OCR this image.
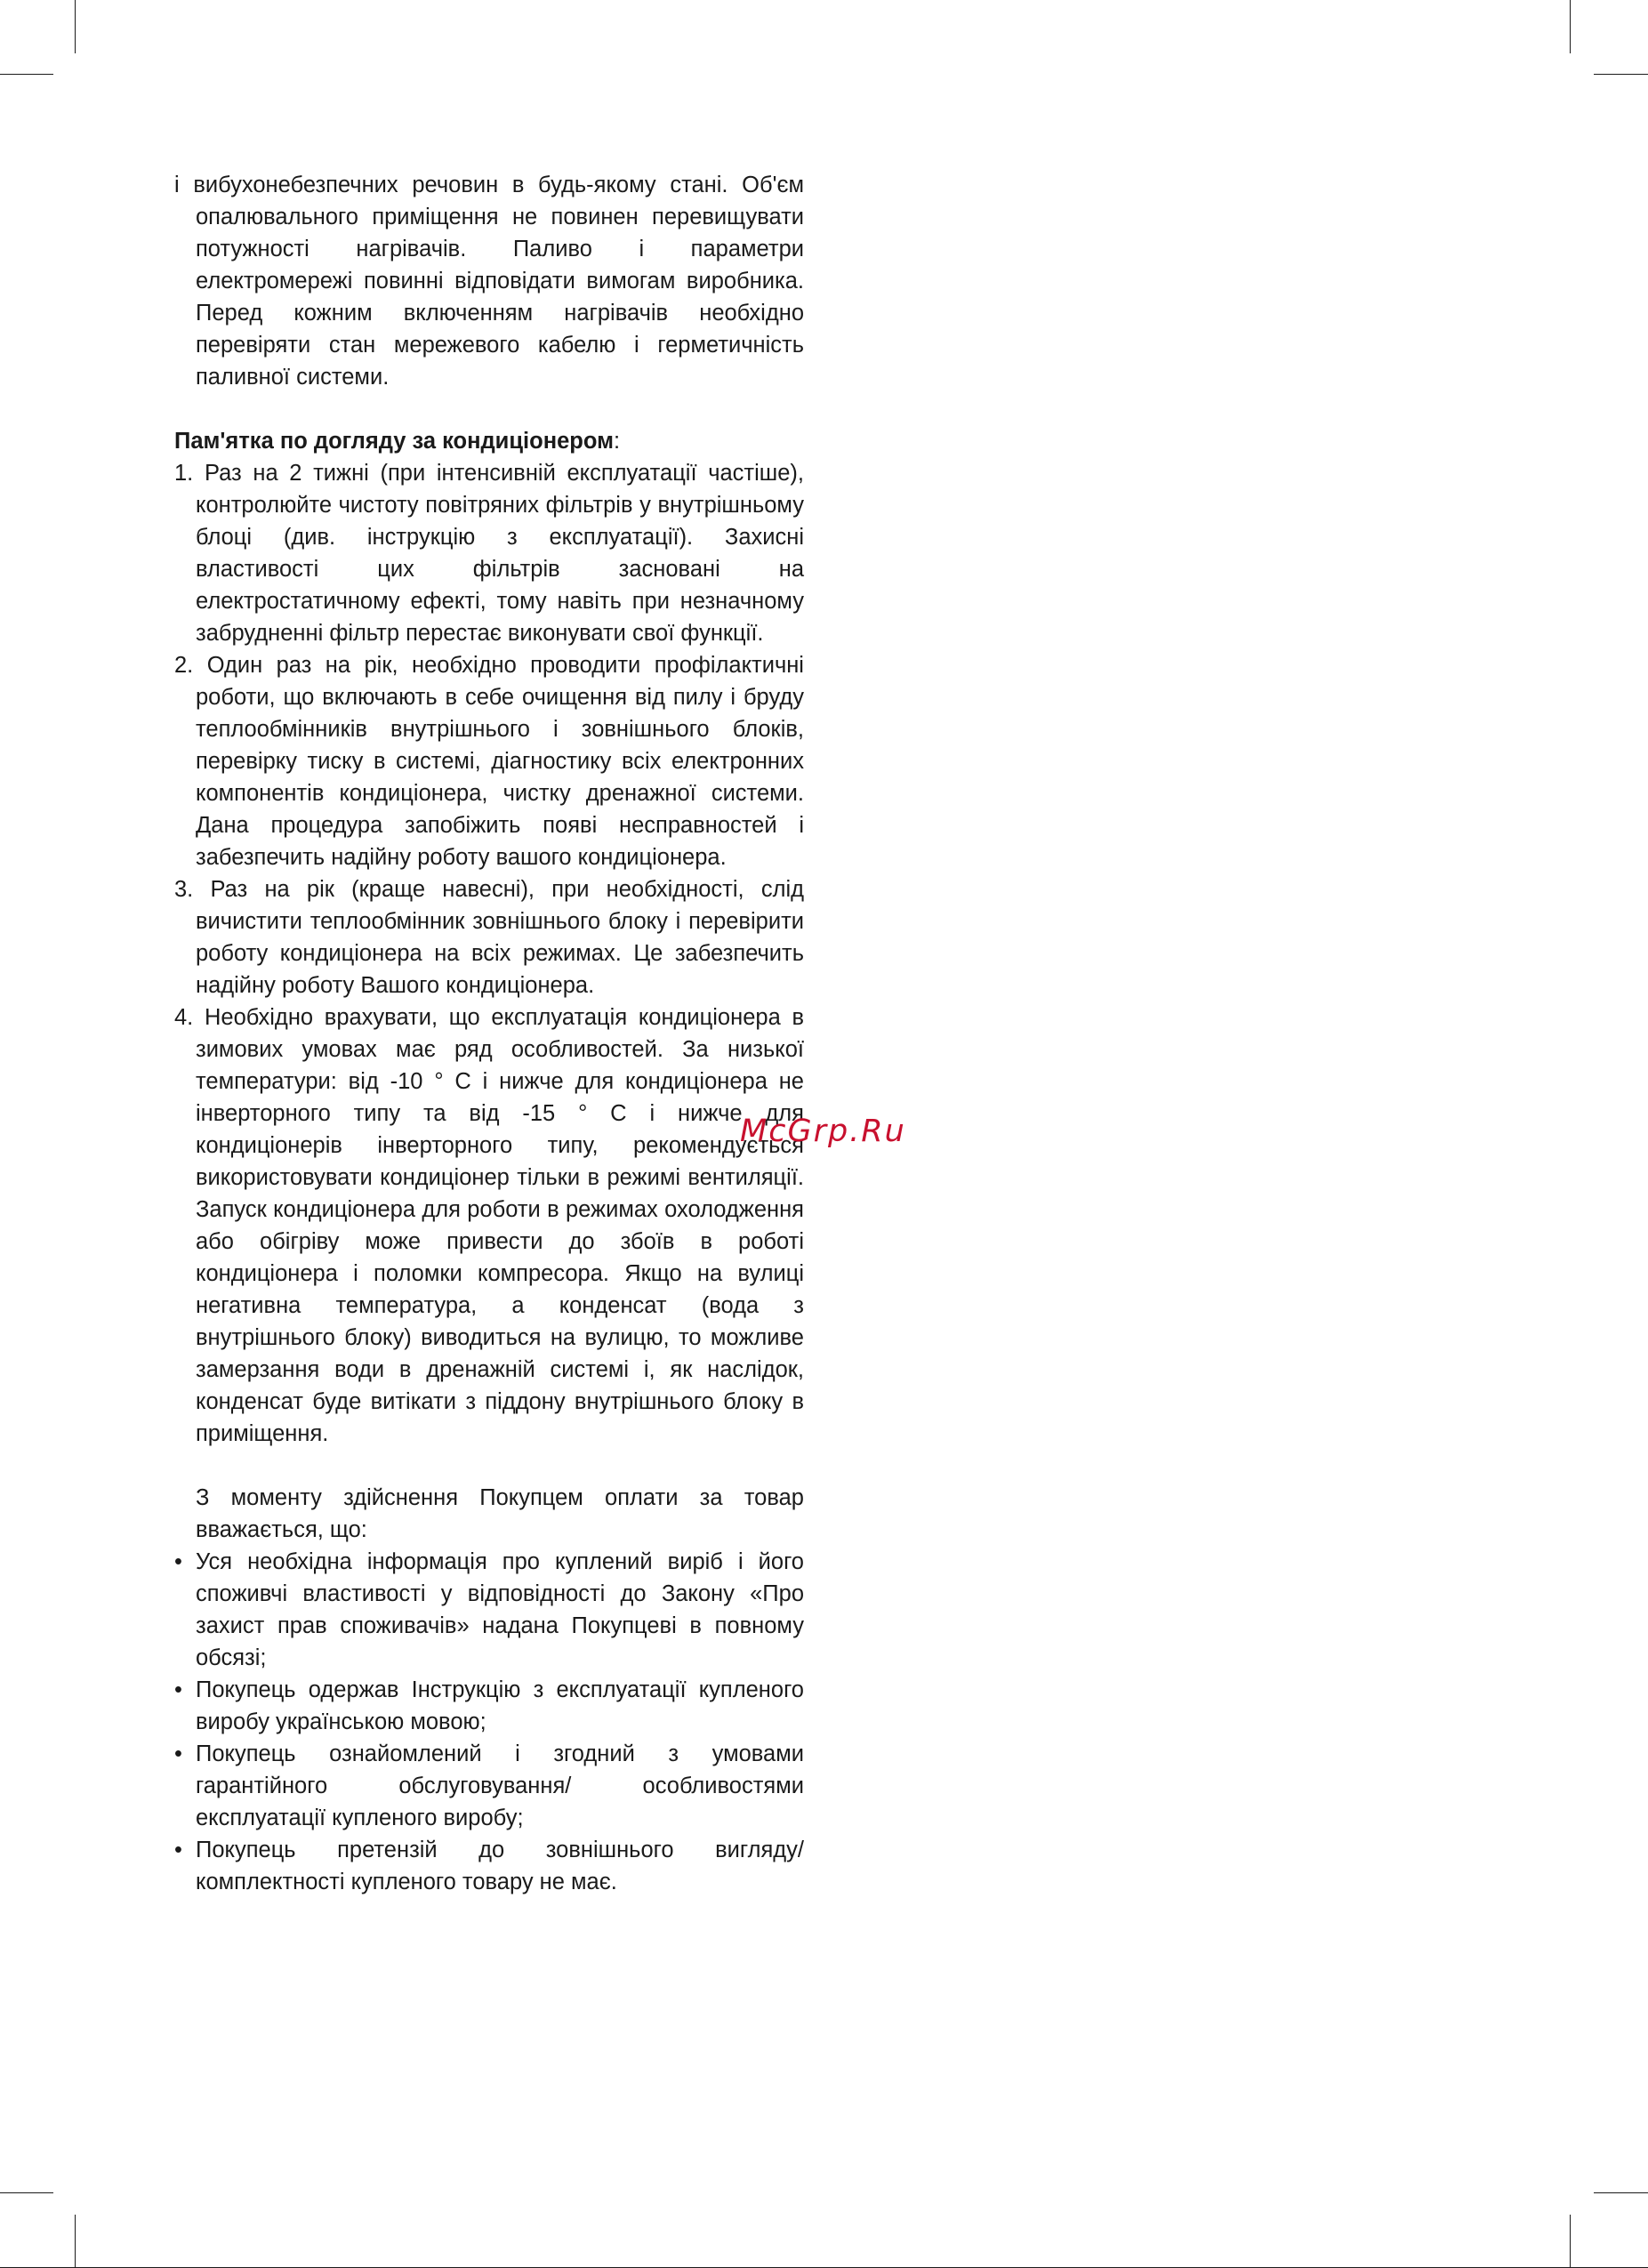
і вибухонебезпечних речовин в будь-якому стані. Об'єм опалювального приміщення не повинен перевищувати потужності нагрівачів. Паливо і параметри електромережі повинні відповідати вимогам виробника. Перед кожним включенням нагрівачів необхідно перевіряти стан мережевого кабелю і герметичність паливної системи.

Пам'ятка по догляду за кондиціонером:

1. Раз на 2 тижні (при інтенсивній експлуатації частіше), контролюйте чистоту повітряних фільтрів у внутрішньому блоці (див. інструкцію з експлуатації). Захисні властивості цих фільтрів засновані на електростатичному ефекті, тому навіть при незначному забрудненні фільтр перестає виконувати свої функції.
2. Один раз на рік, необхідно проводити профілактичні роботи, що включають в себе очищення від пилу і бруду теплообмінників внутрішнього і зовнішнього блоків, перевірку тиску в системі, діагностику всіх електронних компонентів кондиціонера, чистку дренажної системи. Дана процедура запобіжить появі несправностей і забезпечить надійну роботу вашого кондиціонера.
3. Раз на рік (краще навесні), при необхідності, слід вичистити теплообмінник зовнішнього блоку і перевірити роботу кондиціонера на всіх режимах. Це забезпечить надійну роботу Вашого кондиціонера.
4. Необхідно врахувати, що експлуатація кондиціонера в зимових умовах має ряд особливостей. За низької температури: від -10 ° С і нижче для кондиціонера не інверторного типу та від -15 ° С і нижче для кондиціонерів інверторного типу, рекомендується використовувати кондиціонер тільки в режимі вентиляції. Запуск кондиціонера для роботи в режимах охолодження або обігріву може привести до збоїв в роботі кондиціонера і поломки компресора. Якщо на вулиці негативна температура, а конденсат (вода з внутрішнього блоку) виводиться на вулицю, то можливе замерзання води в дренажній системі і, як наслідок, конденсат буде витікати з піддону внутрішнього блоку в приміщення.

З моменту здійснення Покупцем оплати за товар вважається, що:

• Уся необхідна інформація про куплений виріб і його споживчі властивості у відповідності до Закону «Про захист прав споживачів» надана Покупцеві в повному обсязі;
• Покупець одержав Інструкцію з експлуатації купленого виробу українською мовою;
• Покупець ознайомлений і згодний з умовами гарантійного обслуговування/ особливостями експлуатації купленого виробу;
• Покупець претензій до зовнішнього вигляду/ комплектності купленого товару не має.
McGrp.Ru
